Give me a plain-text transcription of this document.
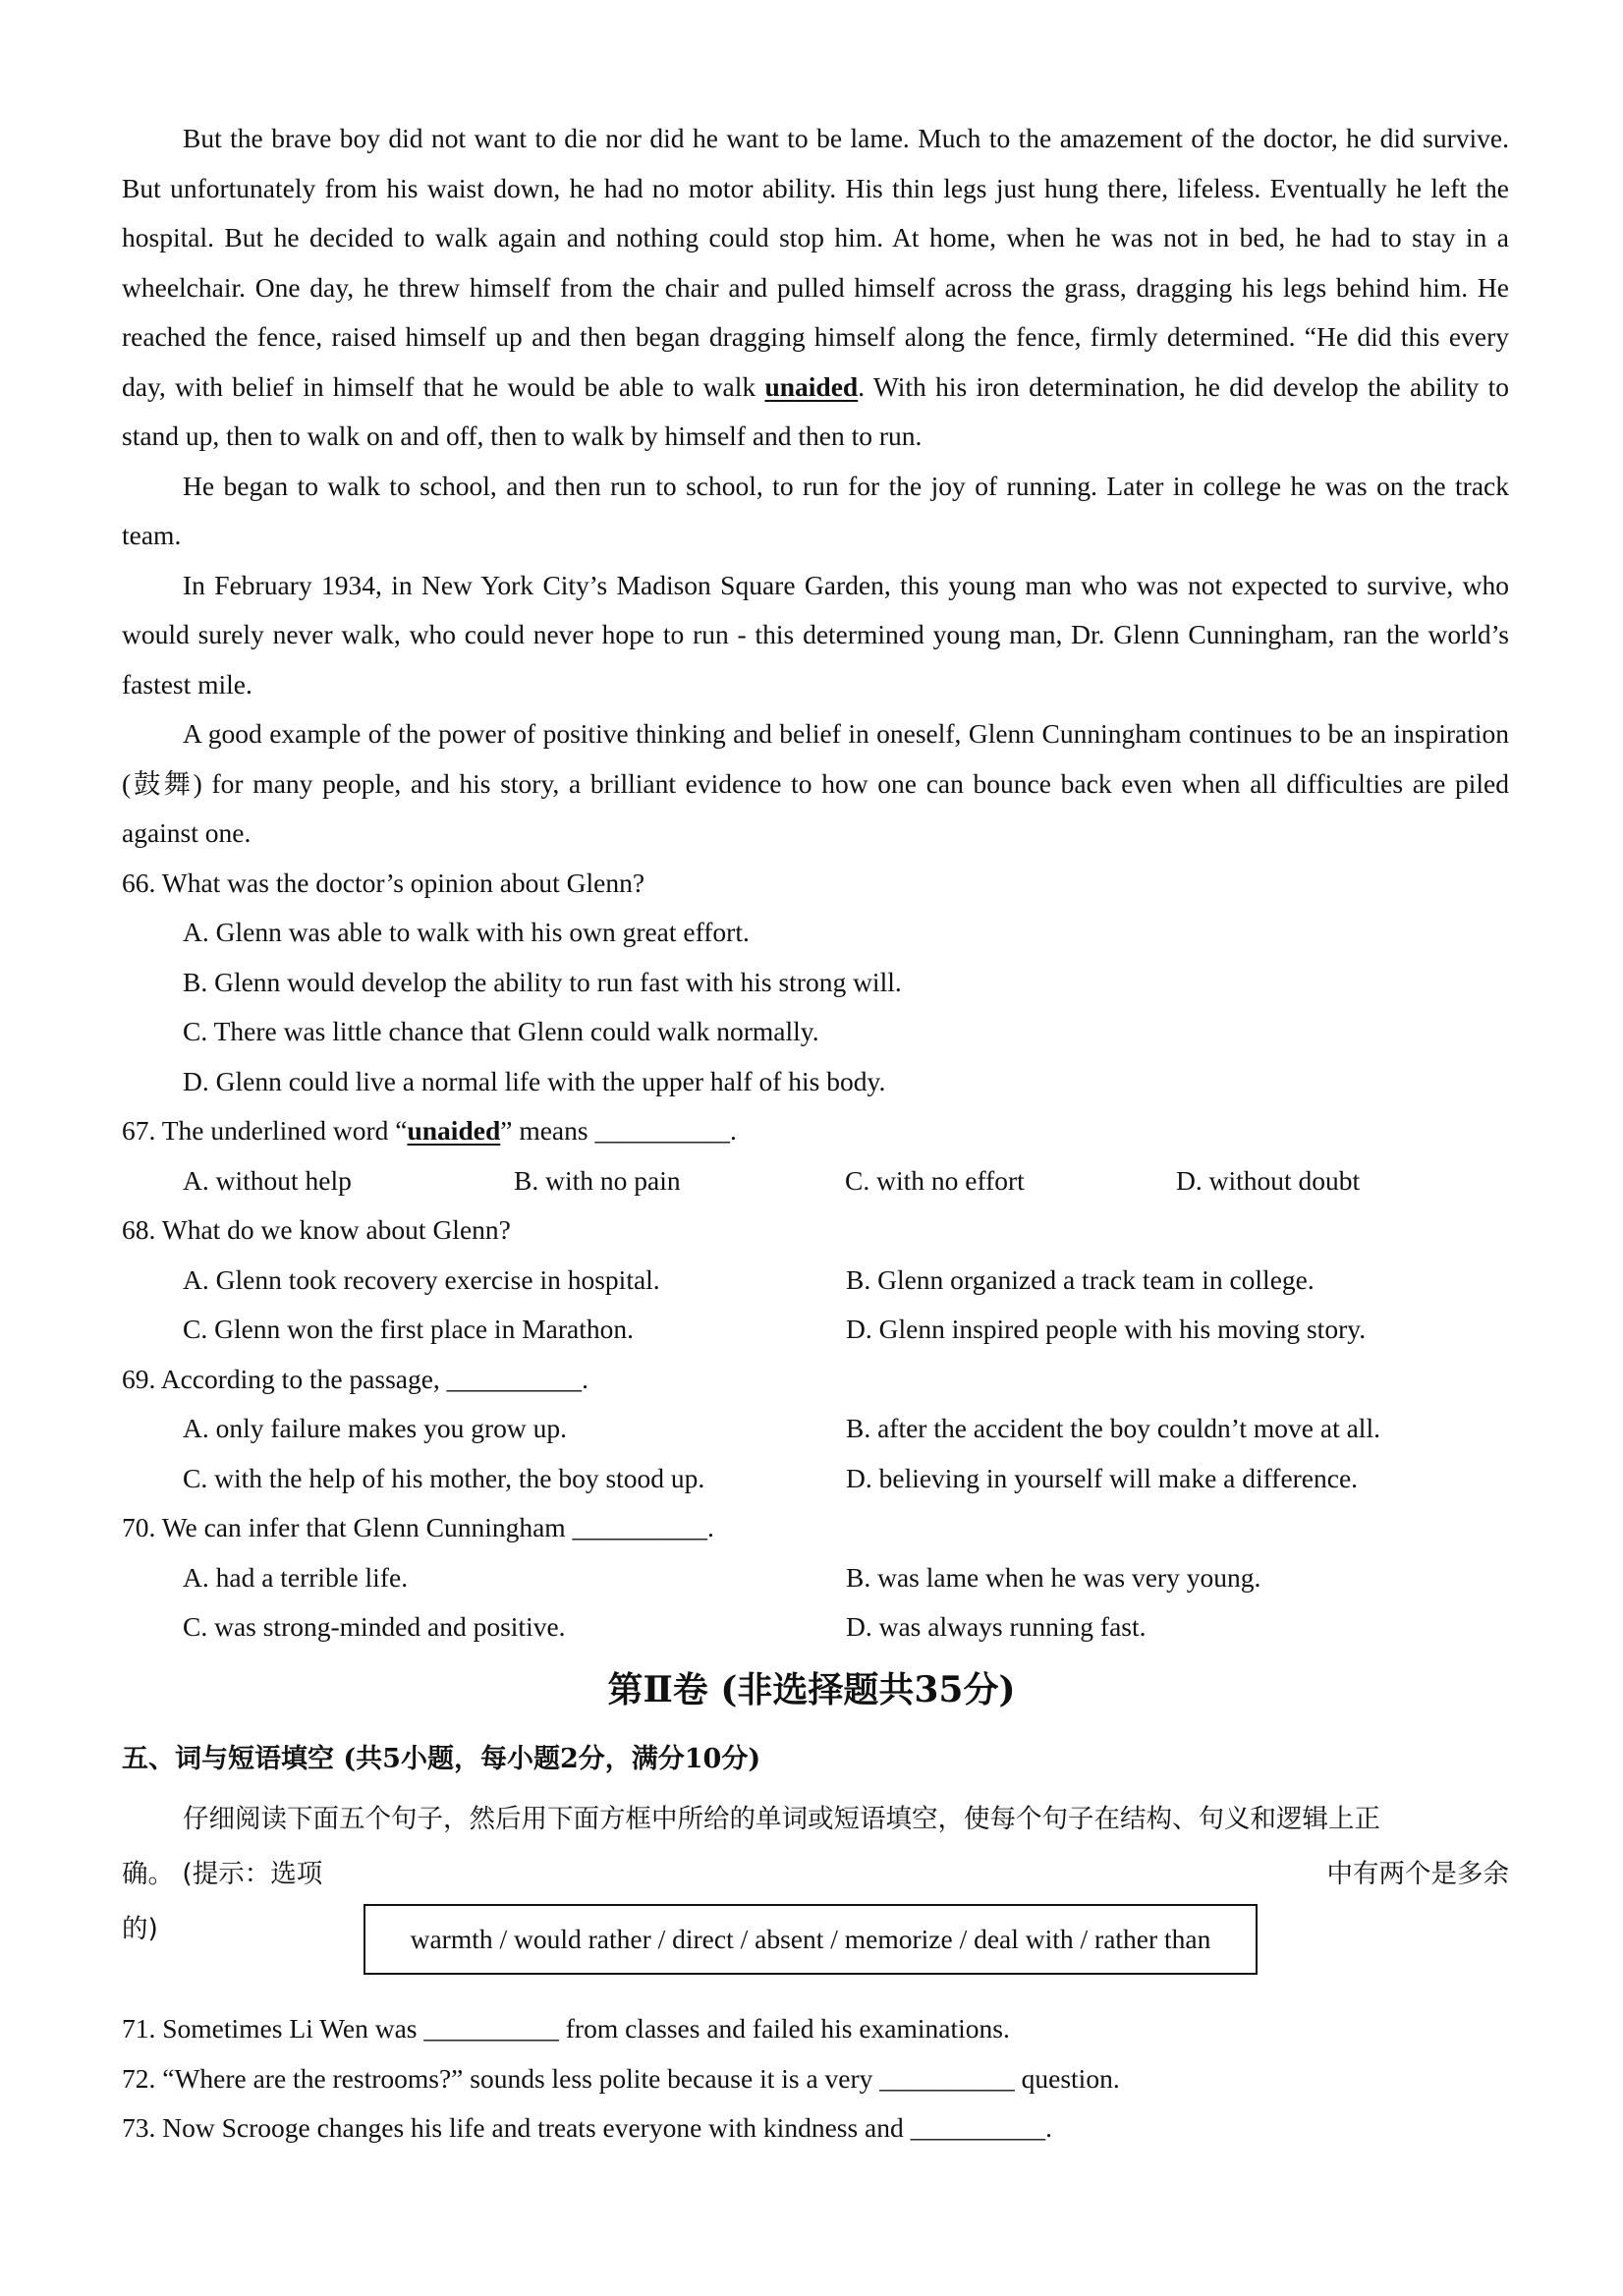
But the brave boy did not want to die nor did he want to be lame. Much to the amazement of the doctor, he did survive. But unfortunately from his waist down, he had no motor ability. His thin legs just hung there, lifeless. Eventually he left the hospital. But he decided to walk again and nothing could stop him. At home, when he was not in bed, he had to stay in a wheelchair. One day, he threw himself from the chair and pulled himself across the grass, dragging his legs behind him. He reached the fence, raised himself up and then began dragging himself along the fence, firmly determined. “He did this every day, with belief in himself that he would be able to walk unaided. With his iron determination, he did develop the ability to stand up, then to walk on and off, then to walk by himself and then to run.

He began to walk to school, and then run to school, to run for the joy of running. Later in college he was on the track team.

In February 1934, in New York City’s Madison Square Garden, this young man who was not expected to survive, who would surely never walk, who could never hope to run - this determined young man, Dr. Glenn Cunningham, ran the world’s fastest mile.

A good example of the power of positive thinking and belief in oneself, Glenn Cunningham continues to be an inspiration (鼓舞) for many people, and his story, a brilliant evidence to how one can bounce back even when all difficulties are piled against one.

66. What was the doctor’s opinion about Glenn?

A. Glenn was able to walk with his own great effort.

B. Glenn would develop the ability to run fast with his strong will.

C. There was little chance that Glenn could walk normally.

D. Glenn could live a normal life with the upper half of his body.

67. The underlined word “unaided” means __________.

A. without help	B. with no pain	C. with no effort	D. without doubt

68. What do we know about Glenn?

A. Glenn took recovery exercise in hospital.	B. Glenn organized a track team in college.
C. Glenn won the first place in Marathon.	D. Glenn inspired people with his moving story.

69. According to the passage, __________.

A. only failure makes you grow up.	B. after the accident the boy couldn’t move at all.
C. with the help of his mother, the boy stood up.	D. believing in yourself will make a difference.

70. We can infer that Glenn Cunningham __________.

A. had a terrible life.	B. was lame when he was very young.
C. was strong-minded and positive.	D. was always running fast.
第Ⅱ卷 (非选择题共35分)
五、词与短语填空 (共5小题，每小题2分，满分10分)

仔细阅读下面五个句子，然后用下面方框中所给的单词或短语填空，使每个句子在结构、句义和逻辑上正

确。 (提示：选项	中有两个是多余

的)	warmth / would rather / direct / absent / memorize / deal with / rather than

71. Sometimes Li Wen was __________ from classes and failed his examinations.

72. “Where are the restrooms?” sounds less polite because it is a very __________ question.

73. Now Scrooge changes his life and treats everyone with kindness and __________.
